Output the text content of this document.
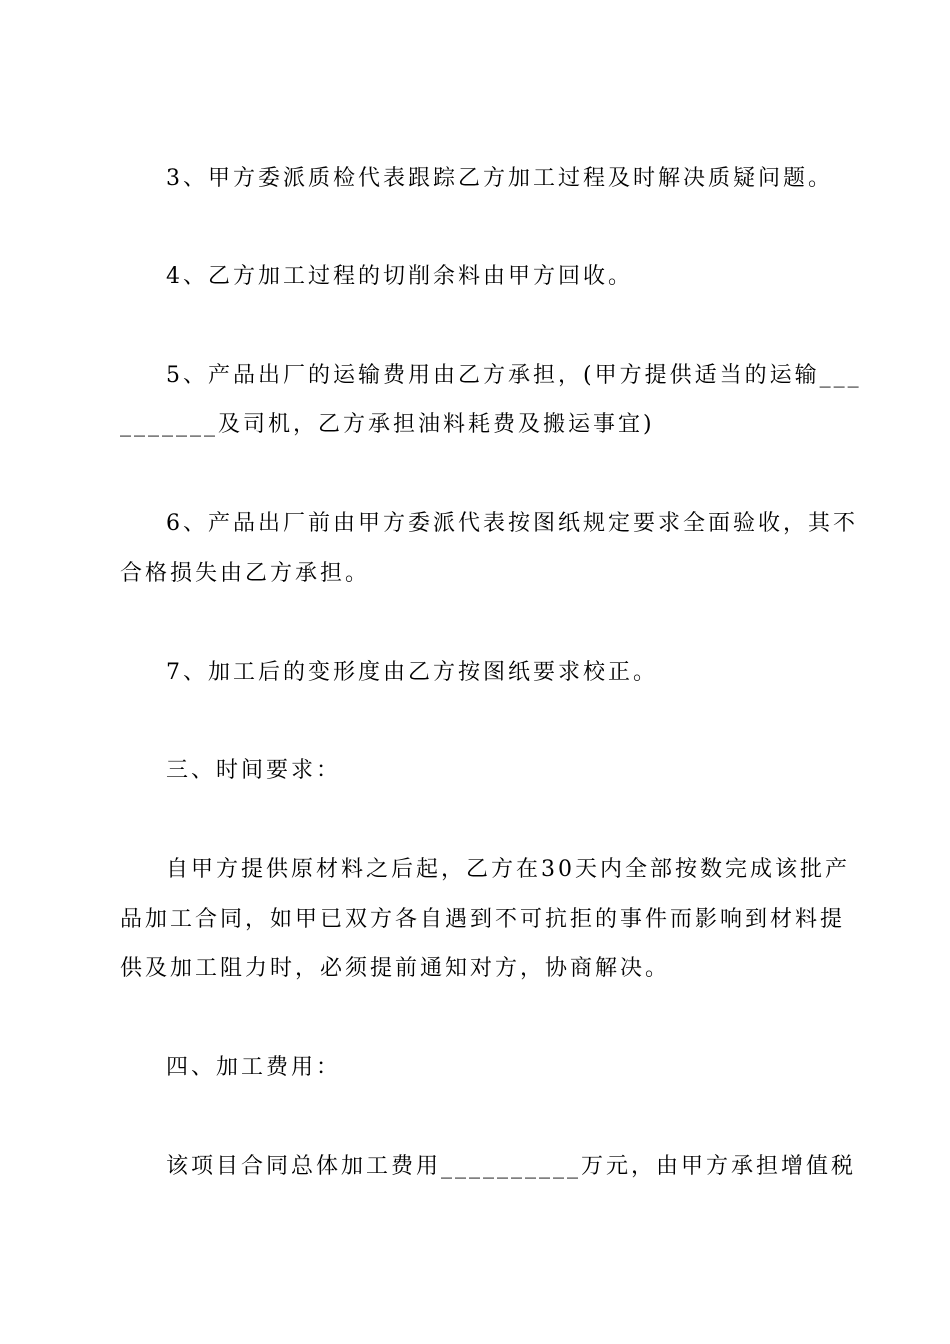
3、甲方委派质检代表跟踪乙方加工过程及时解决质疑问题。
4、乙方加工过程的切削余料由甲方回收。
5、产品出厂的运输费用由乙方承担，(甲方提供适当的运输___
_______及司机，乙方承担油料耗费及搬运事宜)
6、产品出厂前由甲方委派代表按图纸规定要求全面验收，其不
合格损失由乙方承担。
7、加工后的变形度由乙方按图纸要求校正。
三、时间要求：
自甲方提供原材料之后起，乙方在30天内全部按数完成该批产
品加工合同，如甲已双方各自遇到不可抗拒的事件而影响到材料提
供及加工阻力时，必须提前通知对方，协商解决。
四、加工费用：
该项目合同总体加工费用__________万元，由甲方承担增值税
